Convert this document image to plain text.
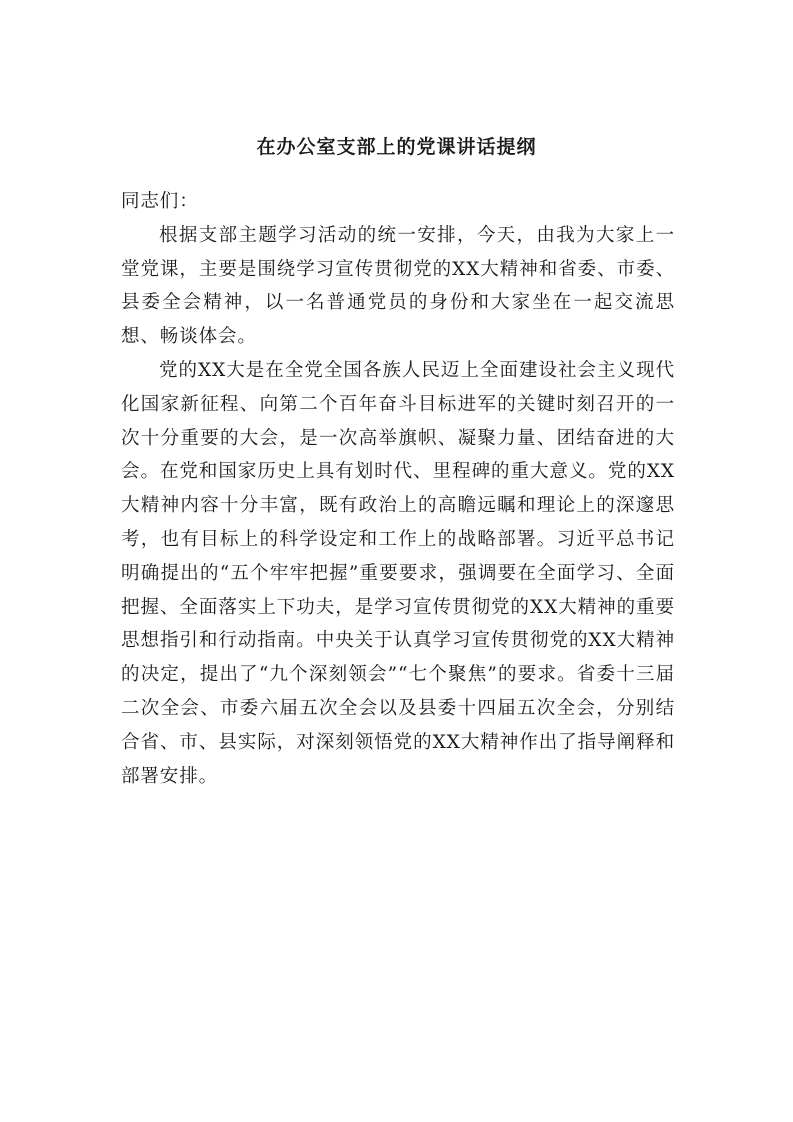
在办公室支部上的党课讲话提纲

同志们：

根据支部主题学习活动的统一安排，今天，由我为大家上一堂党课，主要是围绕学习宣传贯彻党的XX大精神和省委、市委、县委全会精神，以一名普通党员的身份和大家坐在一起交流思想、畅谈体会。

党的XX大是在全党全国各族人民迈上全面建设社会主义现代化国家新征程、向第二个百年奋斗目标进军的关键时刻召开的一次十分重要的大会，是一次高举旗帜、凝聚力量、团结奋进的大会。在党和国家历史上具有划时代、里程碑的重大意义。党的XX大精神内容十分丰富，既有政治上的高瞻远瞩和理论上的深邃思考，也有目标上的科学设定和工作上的战略部署。习近平总书记明确提出的“五个牢牢把握”重要要求，强调要在全面学习、全面把握、全面落实上下功夫，是学习宣传贯彻党的XX大精神的重要思想指引和行动指南。中央关于认真学习宣传贯彻党的XX大精神的决定，提出了“九个深刻领会”“七个聚焦”的要求。省委十三届二次全会、市委六届五次全会以及县委十四届五次全会，分别结合省、市、县实际，对深刻领悟党的XX大精神作出了指导阐释和部署安排。
